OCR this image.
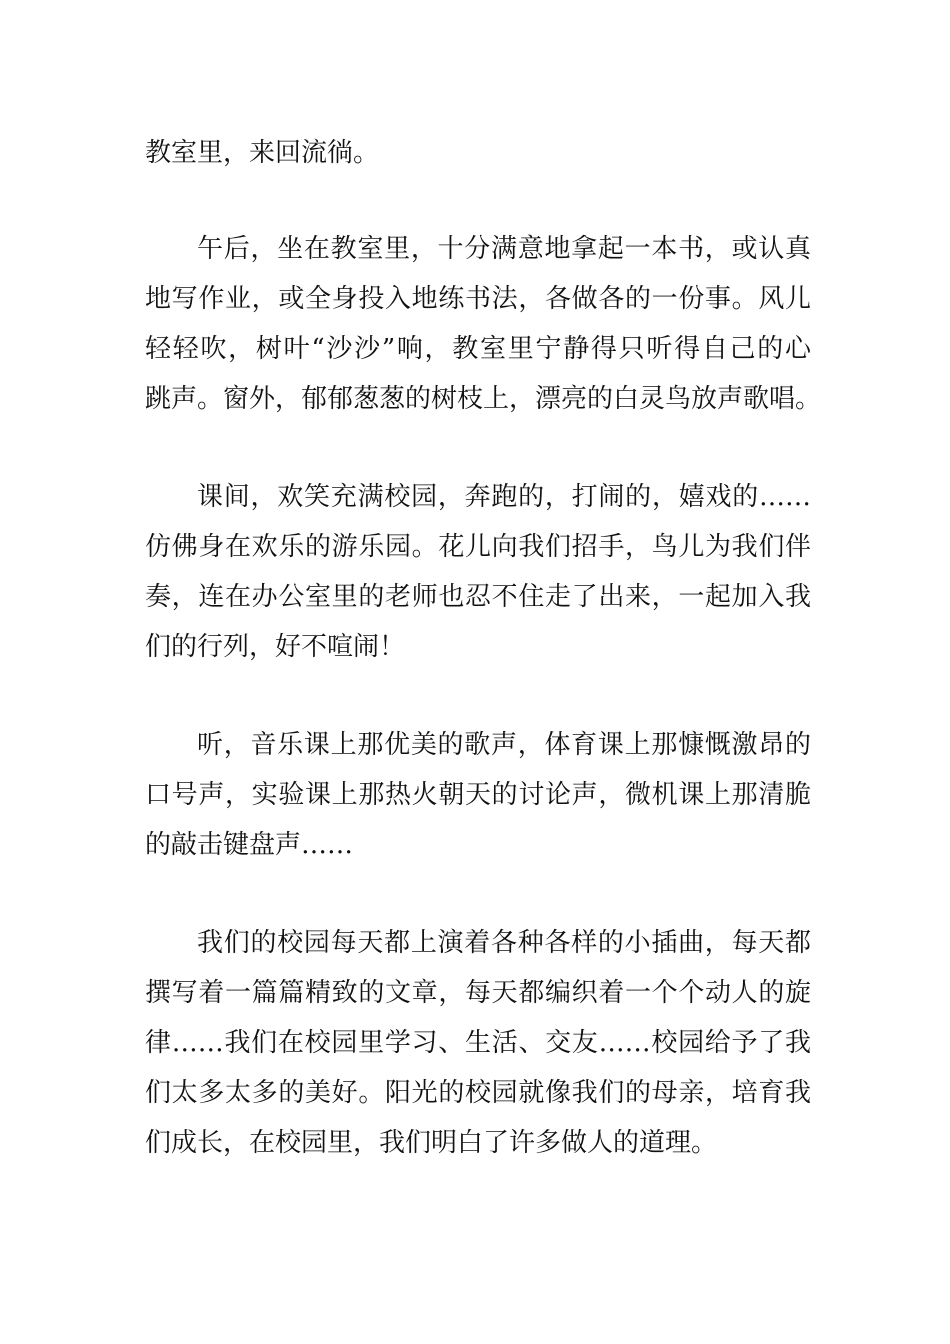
教室里，来回流徜。
午后，坐在教室里，十分满意地拿起一本书，或认真
地写作业，或全身投入地练书法，各做各的一份事。风儿
轻轻吹，树叶“沙沙”响，教室里宁静得只听得自己的心
跳声。窗外，郁郁葱葱的树枝上，漂亮的白灵鸟放声歌唱。
课间，欢笑充满校园，奔跑的，打闹的，嬉戏的……
仿佛身在欢乐的游乐园。花儿向我们招手，鸟儿为我们伴
奏，连在办公室里的老师也忍不住走了出来，一起加入我
们的行列，好不喧闹！
听，音乐课上那优美的歌声，体育课上那慷慨激昂的
口号声，实验课上那热火朝天的讨论声，微机课上那清脆
的敲击键盘声……
我们的校园每天都上演着各种各样的小插曲，每天都
撰写着一篇篇精致的文章，每天都编织着一个个动人的旋
律……我们在校园里学习、生活、交友……校园给予了我
们太多太多的美好。阳光的校园就像我们的母亲，培育我
们成长，在校园里，我们明白了许多做人的道理。
